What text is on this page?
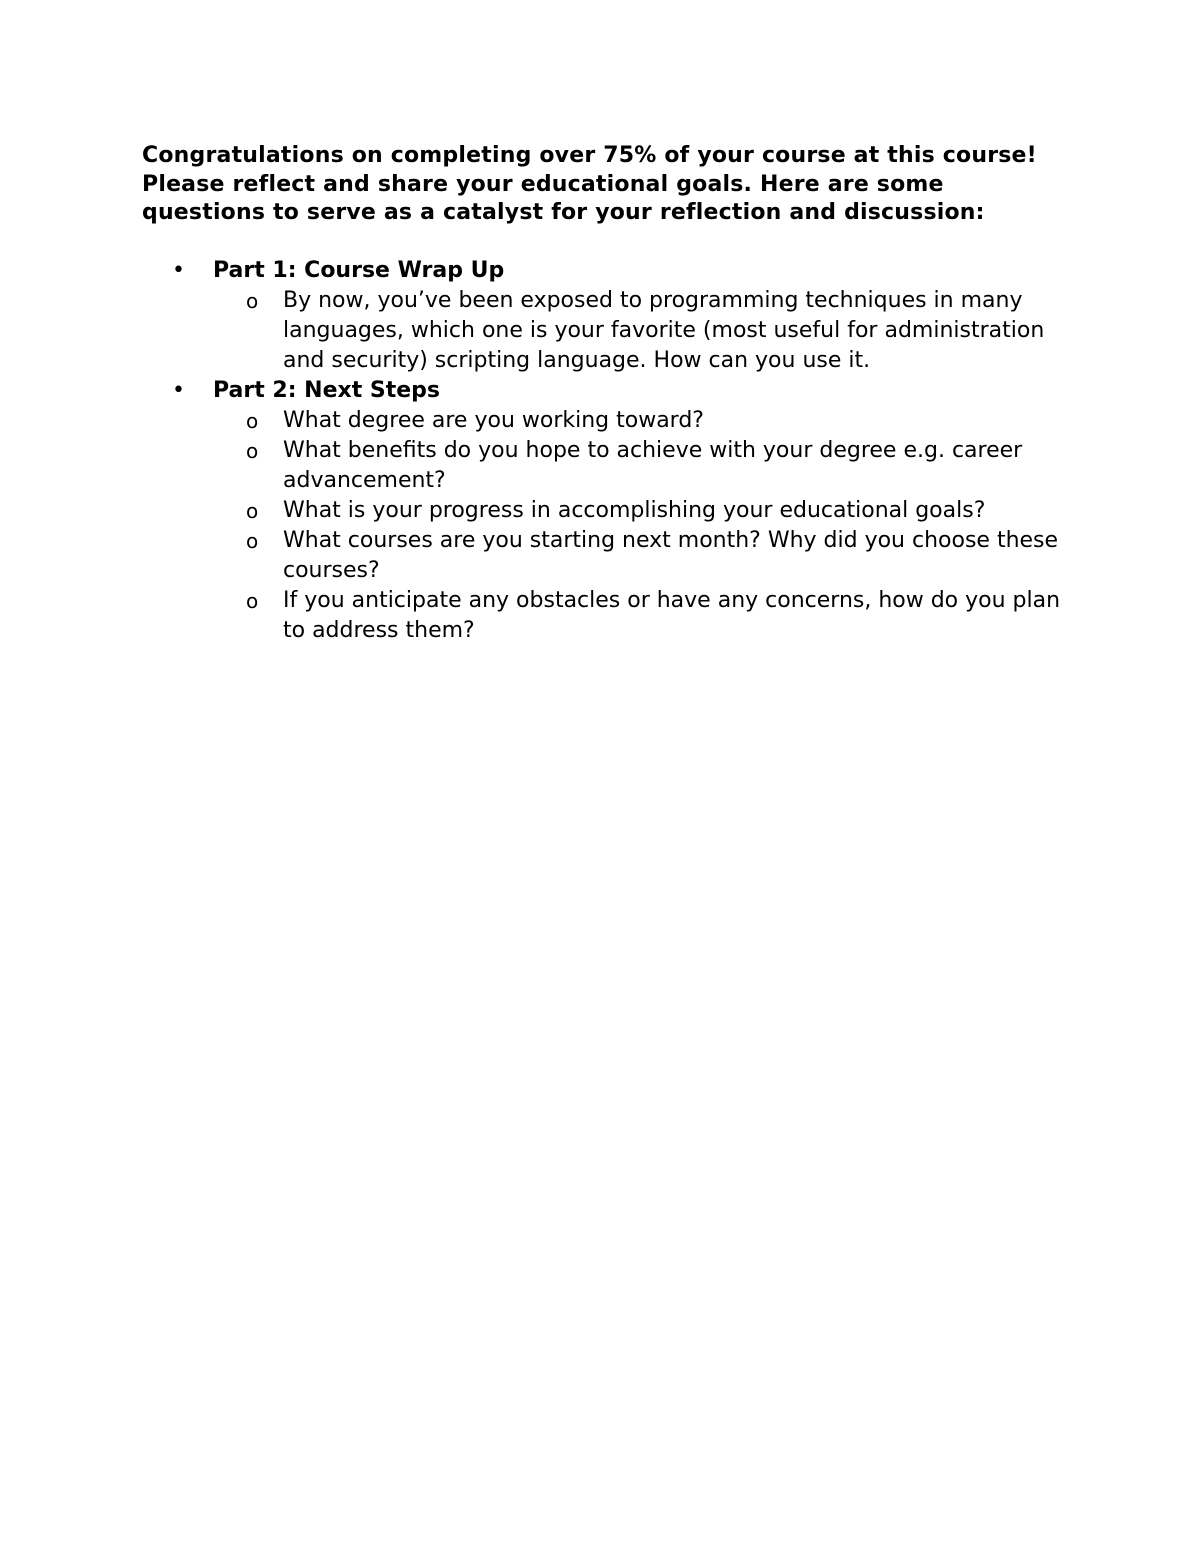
Congratulations on completing over 75% of your course at this course! Please reflect and share your educational goals. Here are some questions to serve as a catalyst for your reflection and discussion:

• Part 1: Course Wrap Up
o By now, you’ve been exposed to programming techniques in many languages, which one is your favorite (most useful for administration and security) scripting language. How can you use it.
• Part 2: Next Steps
o What degree are you working toward?
o What benefits do you hope to achieve with your degree e.g. career advancement?
o What is your progress in accomplishing your educational goals?
o What courses are you starting next month? Why did you choose these courses?
o If you anticipate any obstacles or have any concerns, how do you plan to address them?
